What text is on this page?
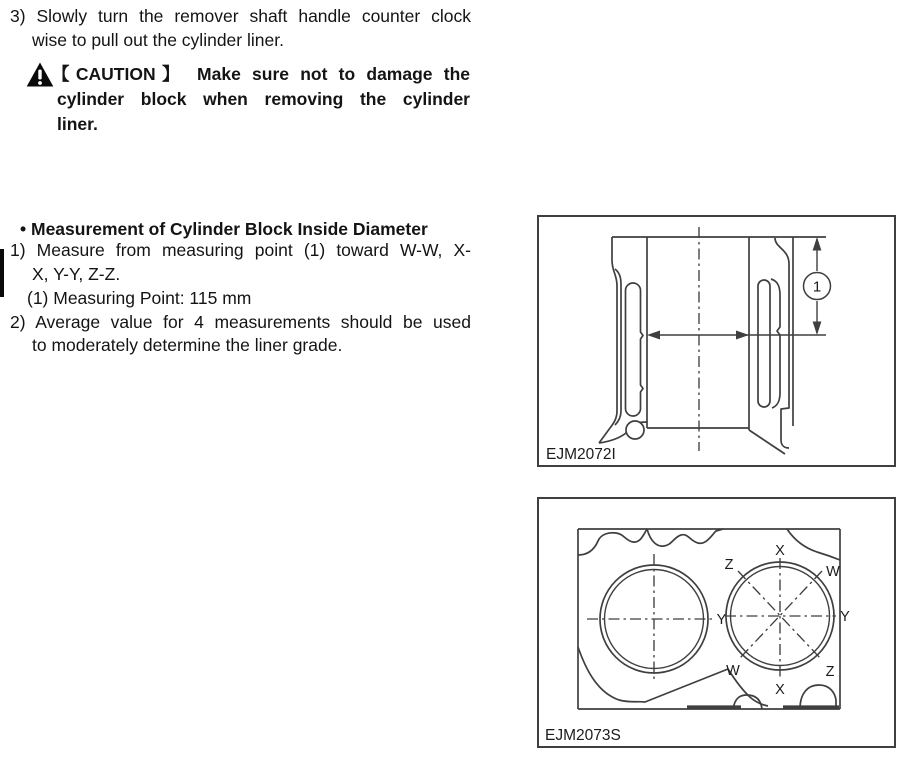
3) Slowly turn the remover shaft handle counter clock
wise to pull out the cylinder liner.
【CAUTION】 Make sure not to damage the
cylinder block when removing the cylinder
liner.
• Measurement of Cylinder Block Inside Diameter
1) Measure from measuring point (1) toward W-W, X-
X, Y-Y, Z-Z.
(1) Measuring Point: 115 mm
2) Average value for 4 measurements should be used
to moderately determine the liner grade.
1
EJM2072I
Y
X
X
Y
Z	W
W	Z
EJM2073S
